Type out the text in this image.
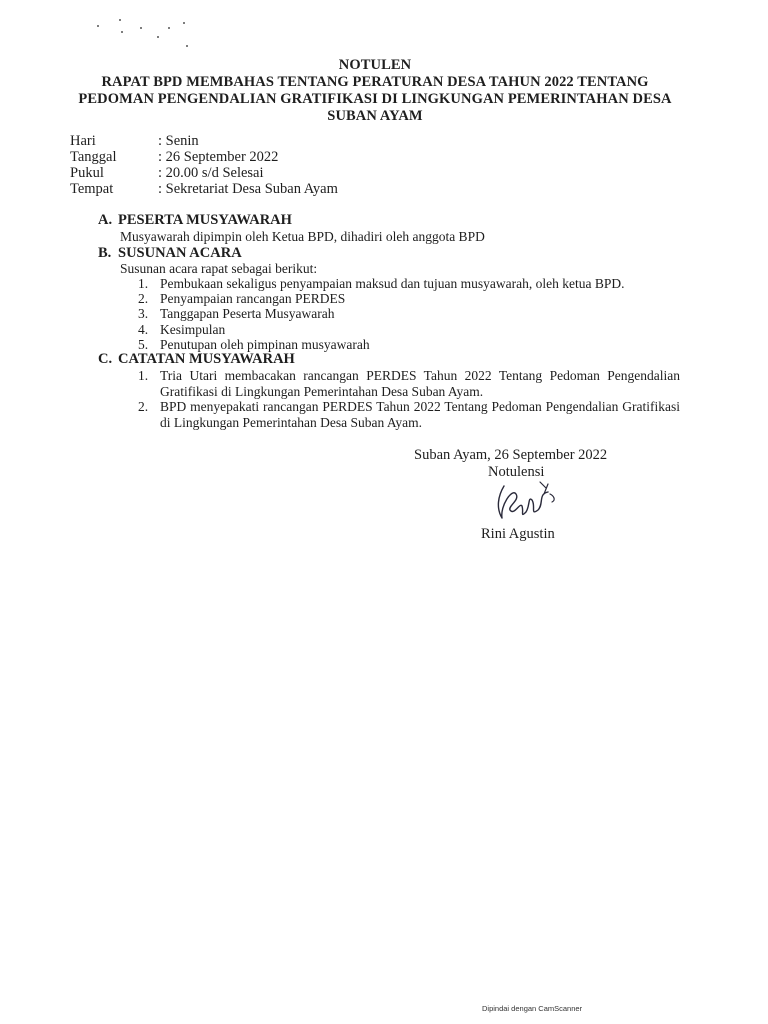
NOTULEN
RAPAT BPD MEMBAHAS TENTANG PERATURAN DESA TAHUN 2022 TENTANG
PEDOMAN PENGENDALIAN GRATIFIKASI DI LINGKUNGAN PEMERINTAHAN DESA
SUBAN AYAM
Hari	: Senin
Tanggal	: 26 September 2022
Pukul	: 20.00 s/d Selesai
Tempat	: Sekretariat Desa Suban Ayam
A. PESERTA MUSYAWARAH
Musyawarah dipimpin oleh Ketua BPD, dihadiri oleh anggota BPD
B. SUSUNAN ACARA
Susunan acara rapat sebagai berikut:
1. Pembukaan sekaligus penyampaian maksud dan tujuan musyawarah, oleh ketua BPD.
2. Penyampaian rancangan PERDES
3. Tanggapan Peserta Musyawarah
4. Kesimpulan
5. Penutupan oleh pimpinan musyawarah
C. CATATAN MUSYAWARAH
1. Tria Utari membacakan rancangan PERDES Tahun 2022 Tentang Pedoman Pengendalian Gratifikasi di Lingkungan Pemerintahan Desa Suban Ayam.
2. BPD menyepakati rancangan PERDES Tahun 2022 Tentang Pedoman Pengendalian Gratifikasi di Lingkungan Pemerintahan Desa Suban Ayam.
Suban Ayam, 26 September 2022
Notulensi
Rini Agustin
Dipindai dengan CamScanner
